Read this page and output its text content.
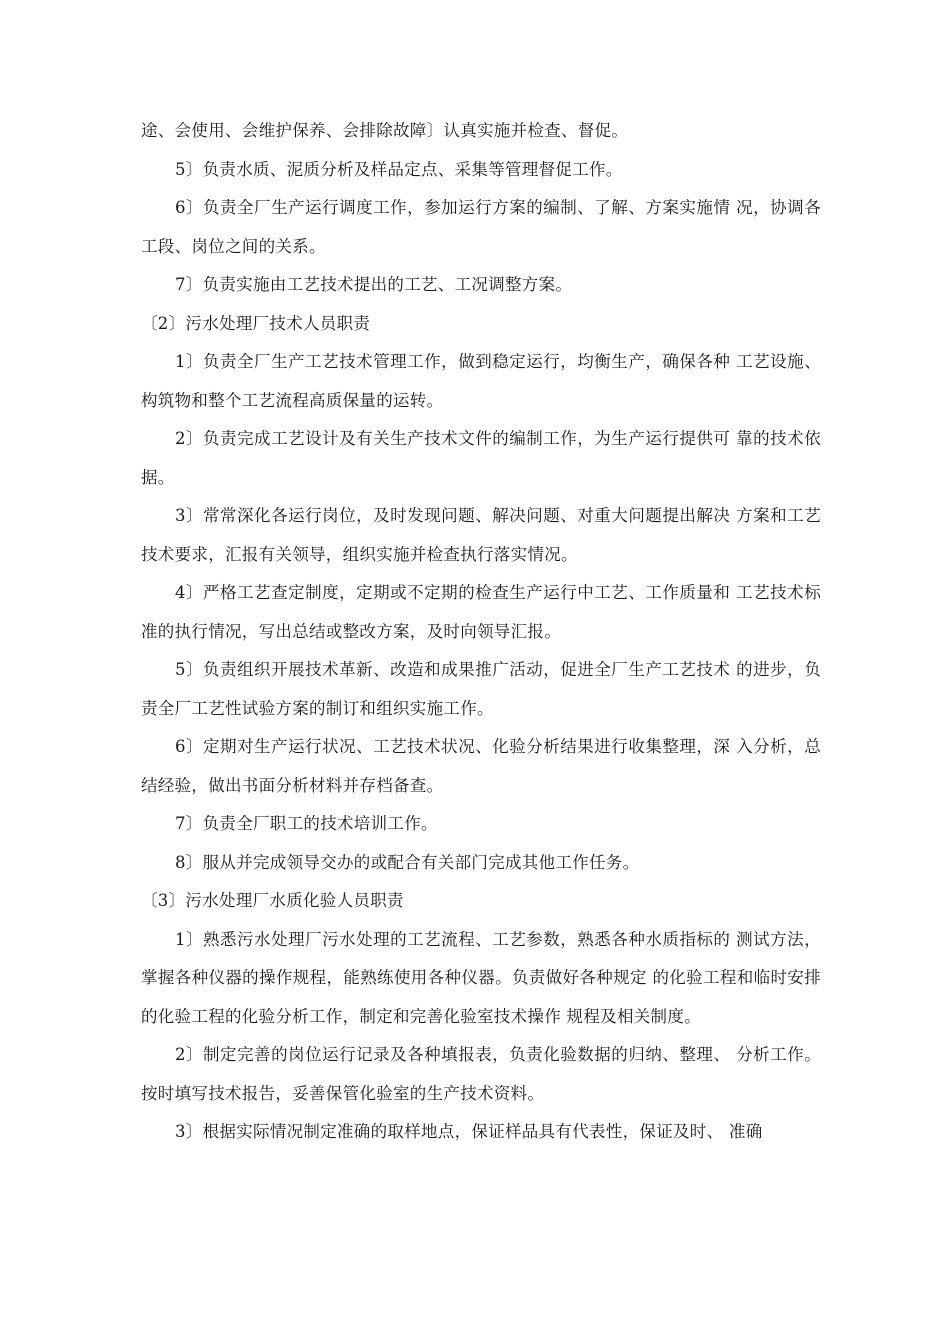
途、会使用、会维护保养、会排除故障〕认真实施并检查、督促。

5〕负责水质、泥质分析及样品定点、采集等管理督促工作。

6〕负责全厂生产运行调度工作，参加运行方案的编制、了解、方案实施情 况，协调各工段、岗位之间的关系。

7〕负责实施由工艺技术提出的工艺、工况调整方案。

〔2〕污水处理厂技术人员职责

1〕负责全厂生产工艺技术管理工作，做到稳定运行，均衡生产，确保各种 工艺设施、构筑物和整个工艺流程高质保量的运转。

2〕负责完成工艺设计及有关生产技术文件的编制工作，为生产运行提供可 靠的技术依据。

3〕常常深化各运行岗位，及时发现问题、解决问题、对重大问题提出解决 方案和工艺技术要求，汇报有关领导，组织实施并检查执行落实情况。

4〕严格工艺查定制度，定期或不定期的检查生产运行中工艺、工作质量和 工艺技术标准的执行情况，写出总结或整改方案，及时向领导汇报。

5〕负责组织开展技术革新、改造和成果推广活动，促进全厂生产工艺技术 的进步，负责全厂工艺性试验方案的制订和组织实施工作。

6〕定期对生产运行状况、工艺技术状况、化验分析结果进行收集整理，深 入分析，总结经验，做出书面分析材料并存档备查。

7〕负责全厂职工的技术培训工作。

8〕服从并完成领导交办的或配合有关部门完成其他工作任务。

〔3〕污水处理厂水质化验人员职责

1〕熟悉污水处理厂污水处理的工艺流程、工艺参数，熟悉各种水质指标的 测试方法，掌握各种仪器的操作规程，能熟练使用各种仪器。负责做好各种规定 的化验工程和临时安排的化验工程的化验分析工作，制定和完善化验室技术操作 规程及相关制度。

2〕制定完善的岗位运行记录及各种填报表，负责化验数据的归纳、整理、 分析工作。按时填写技术报告，妥善保管化验室的生产技术资料。

3〕根据实际情况制定准确的取样地点，保证样品具有代表性，保证及时、 准确
